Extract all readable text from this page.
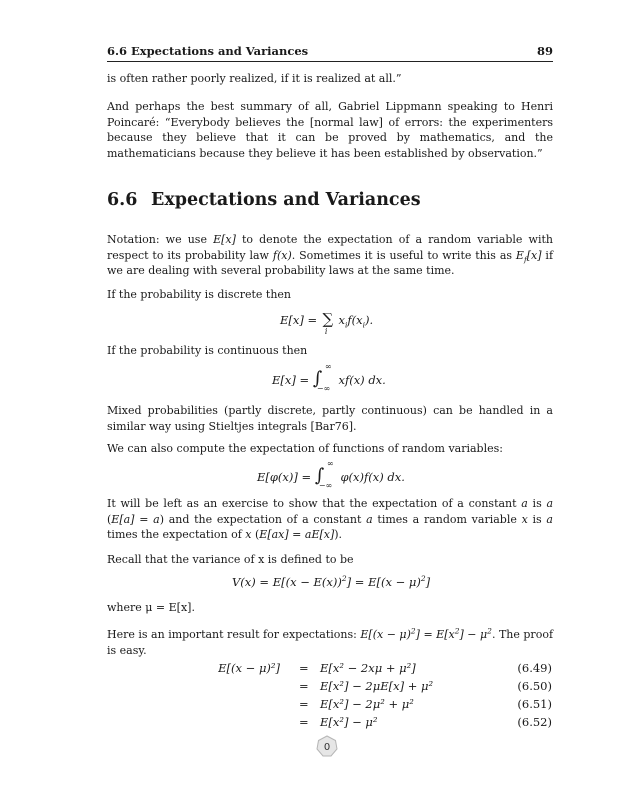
6.6 Expectations and Variances	89

is often rather poorly realized, if it is realized at all.”

And perhaps the best summary of all, Gabriel Lippmann speaking to Henri Poincaré: “Everybody believes the [normal law] of errors: the experimenters because they believe that it can be proved by mathematics, and the mathematicians because they believe it has been established by observation.”

6.6 Expectations and Variances

Notation: we use E[x] to denote the expectation of a random variable with respect to its probability law f(x). Sometimes it is useful to write this as $E_f[x]$ if we are dealing with several probability laws at the same time.

If the probability is discrete then

E[x] = ∑
i
$x_if(x_i)$.

If the probability is continuous then

E[x] = ∫
∞
−∞
xf(x) dx.

Mixed probabilities (partly discrete, partly continuous) can be handled in a similar way using Stieltjes integrals [Bar76].

We can also compute the expectation of functions of random variables:

E[φ(x)] = ∫
∞
−∞
φ(x)f(x) dx.

It will be left as an exercise to show that the expectation of a constant a is a (E[a] = a) and the expectation of a constant a times a random variable x is a times the expectation of x (E[ax] = aE[x]).

Recall that the variance of x is defined to be

$V(x) = E[(x - E(x))^2] = E[(x - \mu)^2]$

where μ = E[x].

Here is an important result for expectations: $E[(x - \mu)^2] = E[x^2] - \mu^2$. The proof is easy.

E[(x − μ)²] = E[x² − 2xμ + μ²]	(6.49)
= E[x²] − 2μE[x] + μ²	(6.50)
= E[x²] − 2μ² + μ²	(6.51)
= E[x²] − μ²	(6.52)
0
